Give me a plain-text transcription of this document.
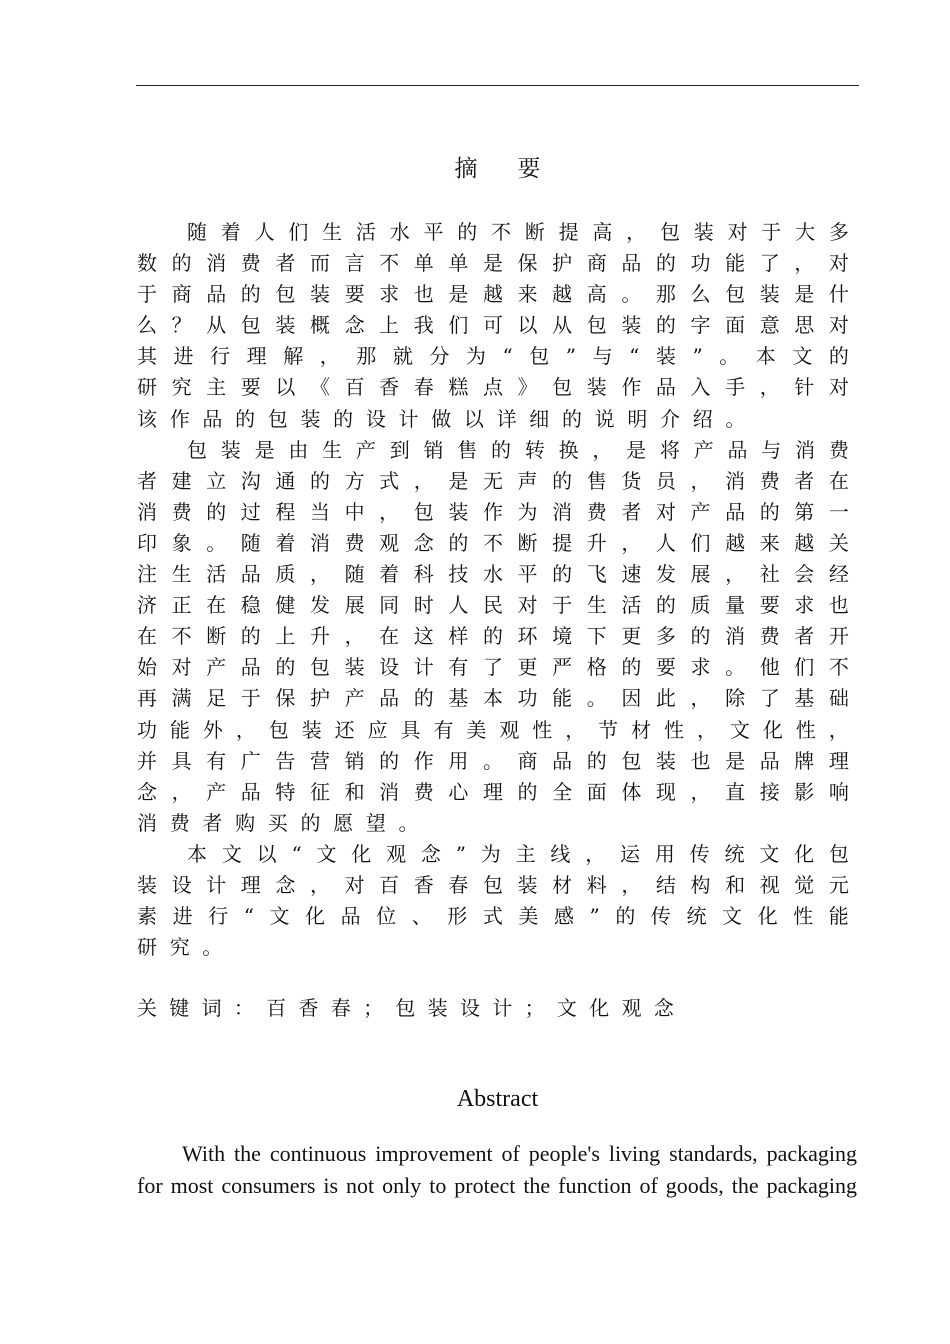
摘要
随 着 人 们 生 活 水 平 的 不 断 提 高 ， 包 装 对 于 大 多
数 的 消 费 者 而 言 不 单 单 是 保 护 商 品 的 功 能 了 ， 对
于 商 品 的 包 装 要 求 也 是 越 来 越 高 。 那 么 包 装 是 什
么 ？ 从 包 装 概 念 上 我 们 可 以 从 包 装 的 字 面 意 思 对
其 进 行 理 解 ， 那 就 分 为 “ 包 ” 与 “ 装 ” 。 本 文 的
研 究 主 要 以 《 百 香 春 糕 点 》 包 装 作 品 入 手 ， 针 对
该 作 品 的 包 装 的 设 计 做 以 详 细 的 说 明 介 绍 。
包 装 是 由 生 产 到 销 售 的 转 换 ， 是 将 产 品 与 消 费
者 建 立 沟 通 的 方 式 ， 是 无 声 的 售 货 员 ， 消 费 者 在
消 费 的 过 程 当 中 ， 包 装 作 为 消 费 者 对 产 品 的 第 一
印 象 。 随 着 消 费 观 念 的 不 断 提 升 ， 人 们 越 来 越 关
注 生 活 品 质 ， 随 着 科 技 水 平 的 飞 速 发 展 ， 社 会 经
济 正 在 稳 健 发 展 同 时 人 民 对 于 生 活 的 质 量 要 求 也
在 不 断 的 上 升 ， 在 这 样 的 环 境 下 更 多 的 消 费 者 开
始 对 产 品 的 包 装 设 计 有 了 更 严 格 的 要 求 。 他 们 不
再 满 足 于 保 护 产 品 的 基 本 功 能 。 因 此 ， 除 了 基 础
功 能 外 ， 包 装 还 应 具 有 美 观 性 ， 节 材 性 ， 文 化 性 ，
并 具 有 广 告 营 销 的 作 用 。 商 品 的 包 装 也 是 品 牌 理
念 ， 产 品 特 征 和 消 费 心 理 的 全 面 体 现 ， 直 接 影 响
消 费 者 购 买 的 愿 望 。
本 文 以 “ 文 化 观 念 ” 为 主 线 ， 运 用 传 统 文 化 包
装 设 计 理 念 ， 对 百 香 春 包 装 材 料 ， 结 构 和 视 觉 元
素 进 行 “ 文 化 品 位 、 形 式 美 感 ” 的 传 统 文 化 性 能
研 究 。
关 键 词 ： 百 香 春 ； 包 装 设 计 ； 文 化 观 念
Abstract
With the continuous improvement of people's living standards, packaging
for most consumers is not only to protect the function of goods, the packaging
